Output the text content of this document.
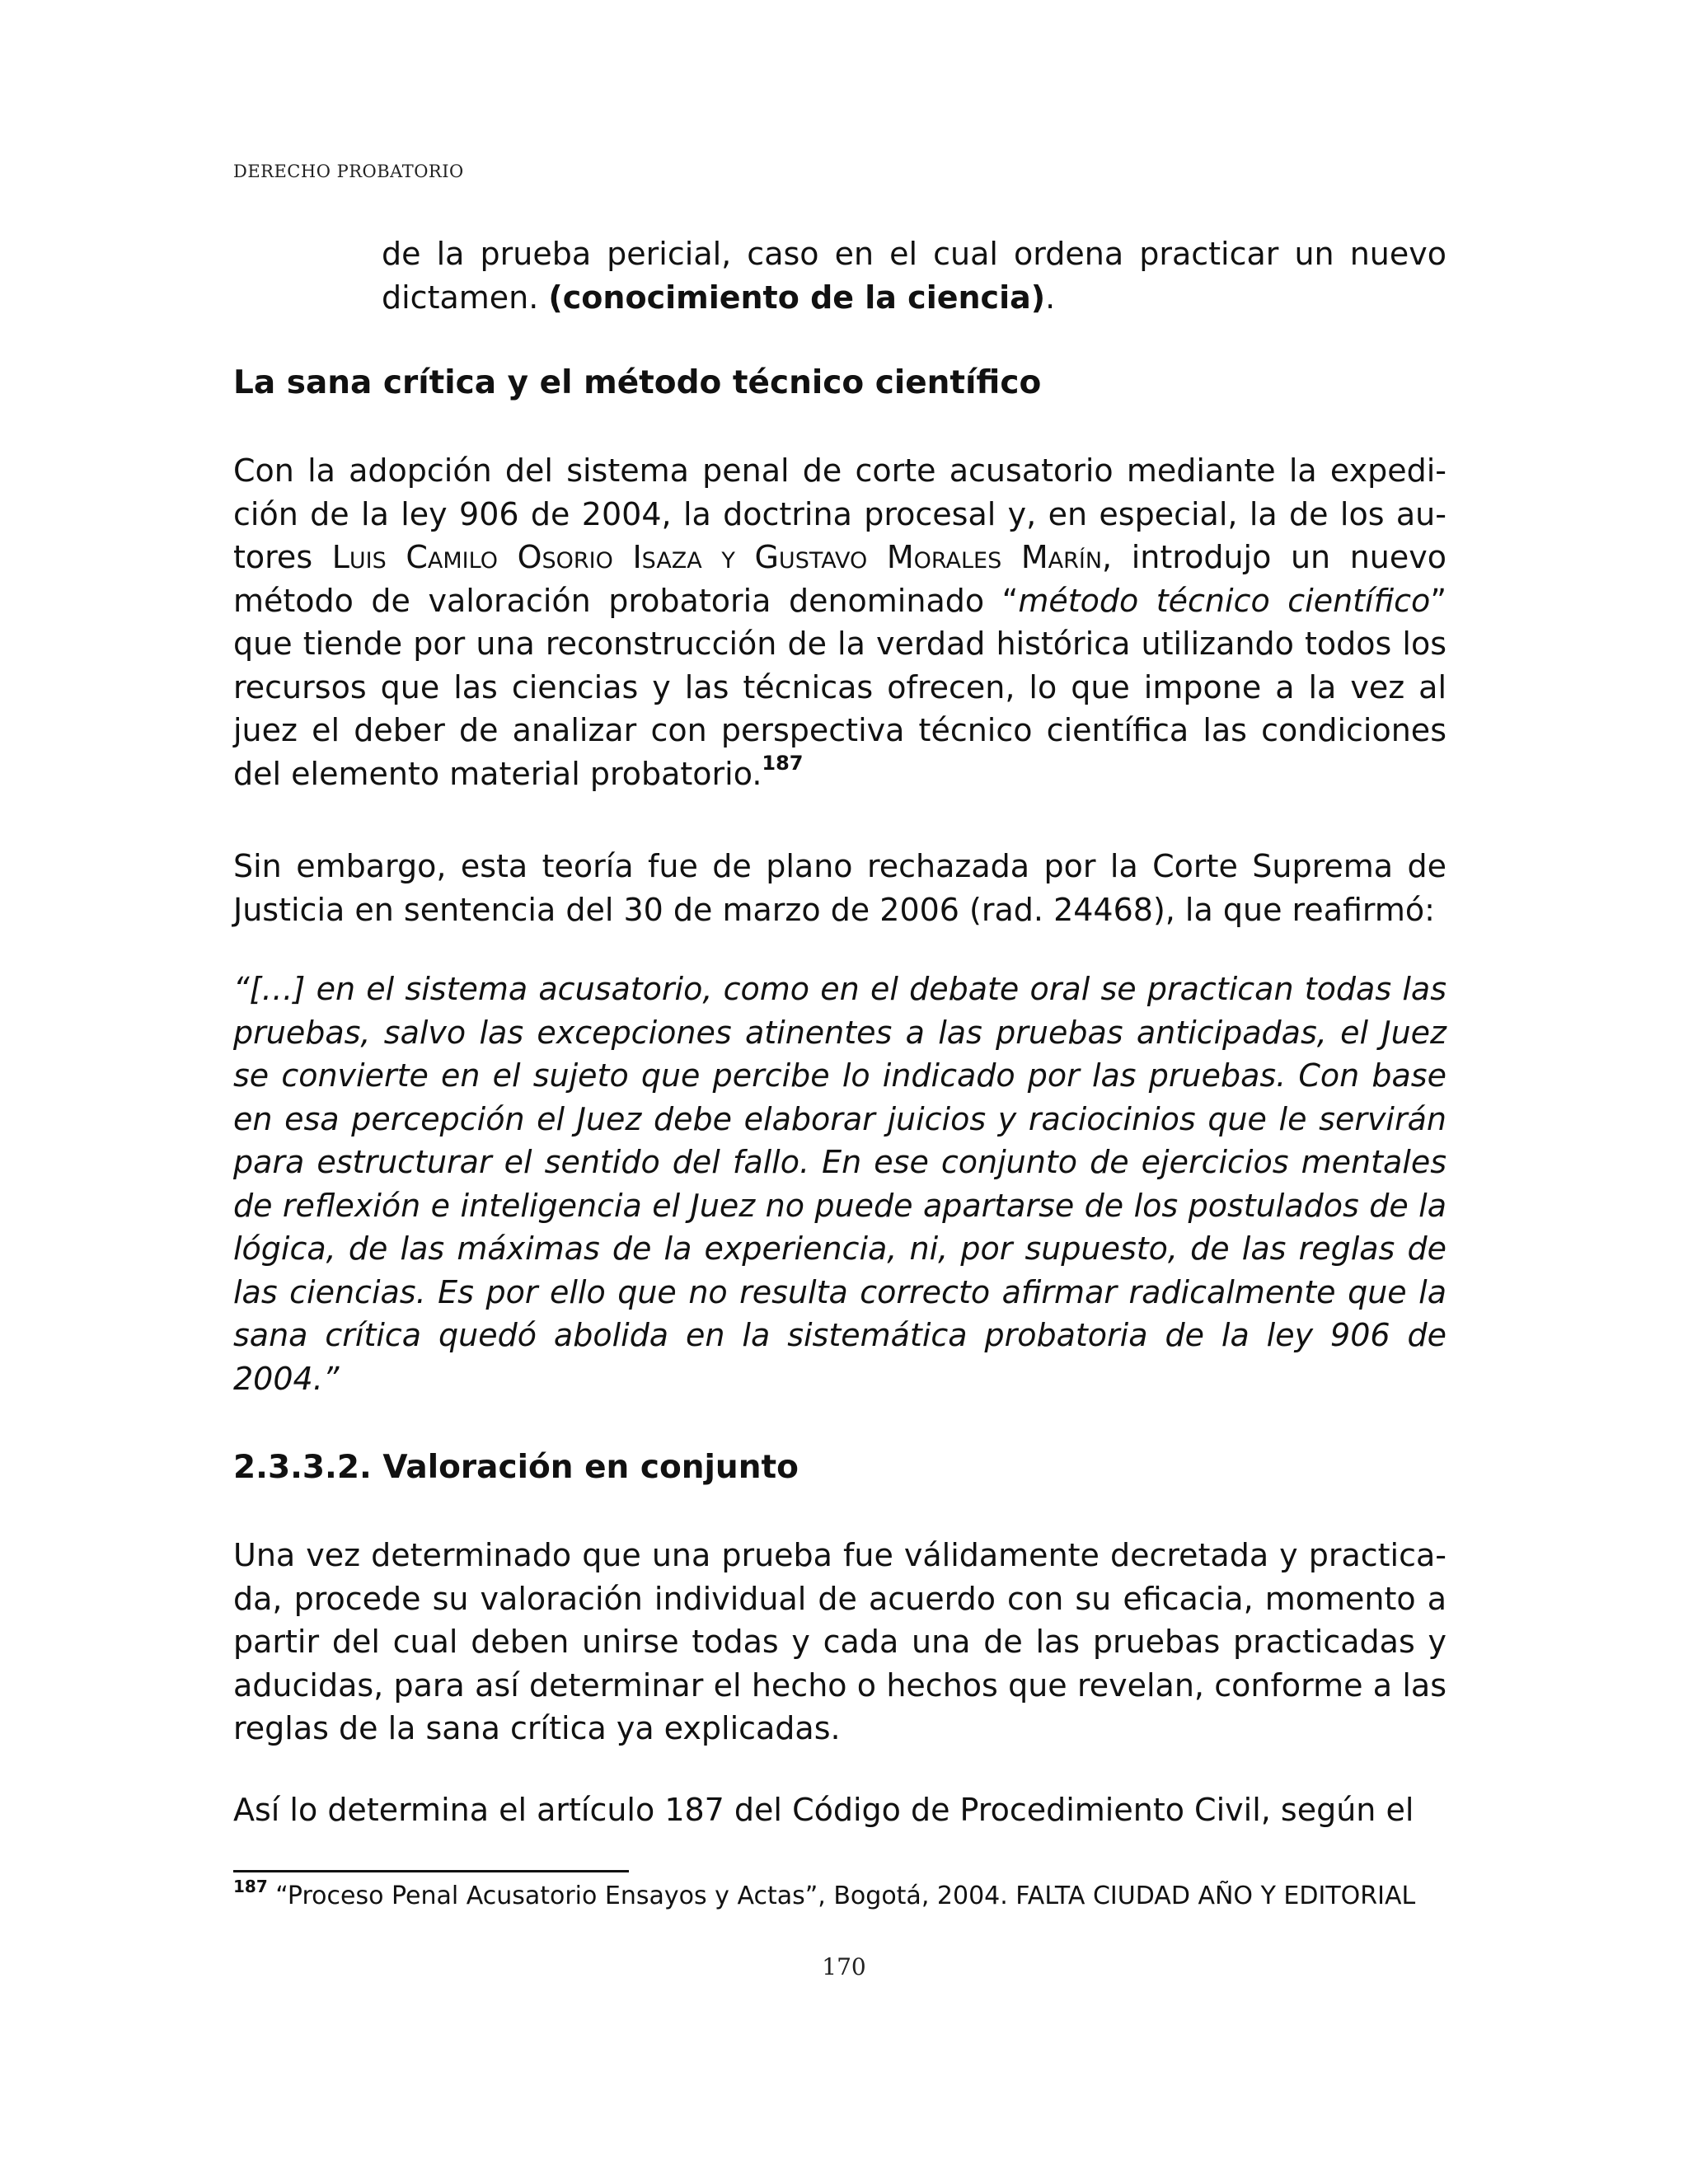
DERECHO PROBATORIO

de la prueba pericial, caso en el cual ordena practicar un nuevo dictamen. (conocimiento de la ciencia).

La sana crítica y el método técnico científico

Con la adopción del sistema penal de corte acusatorio mediante la expedición de la ley 906 de 2004, la doctrina procesal y, en especial, la de los autores Luis Camilo Osorio Isaza y Gustavo Morales Marín, introdujo un nuevo método de valoración probatoria denominado “método técnico científico” que tiende por una reconstrucción de la verdad histórica utilizando todos los recursos que las ciencias y las técnicas ofrecen, lo que impone a la vez al juez el deber de analizar con perspectiva técnico científica las condiciones del elemento material probatorio.$^{187}$

Sin embargo, esta teoría fue de plano rechazada por la Corte Suprema de Justicia en sentencia del 30 de marzo de 2006 (rad. 24468), la que reafirmó:

“[…] en el sistema acusatorio, como en el debate oral se practican todas las pruebas, salvo las excepciones atinentes a las pruebas anticipadas, el Juez se convierte en el sujeto que percibe lo indicado por las pruebas. Con base en esa percepción el Juez debe elaborar juicios y raciocinios que le servirán para estructurar el sentido del fallo. En ese conjunto de ejercicios mentales de reflexión e inteligencia el Juez no puede apartarse de los postulados de la lógica, de las máximas de la experiencia, ni, por supuesto, de las reglas de las ciencias. Es por ello que no resulta correcto afirmar radicalmente que la sana crítica quedó abolida en la sistemática probatoria de la ley 906 de 2004.”

2.3.3.2. Valoración en conjunto

Una vez determinado que una prueba fue válidamente decretada y practicada, procede su valoración individual de acuerdo con su eficacia, momento a partir del cual deben unirse todas y cada una de las pruebas practicadas y aducidas, para así determinar el hecho o hechos que revelan, conforme a las reglas de la sana crítica ya explicadas.

Así lo determina el artículo 187 del Código de Procedimiento Civil, según el

$^{187}$ “Proceso Penal Acusatorio Ensayos y Actas”, Bogotá, 2004. FALTA CIUDAD AÑO Y EDITORIAL
170
